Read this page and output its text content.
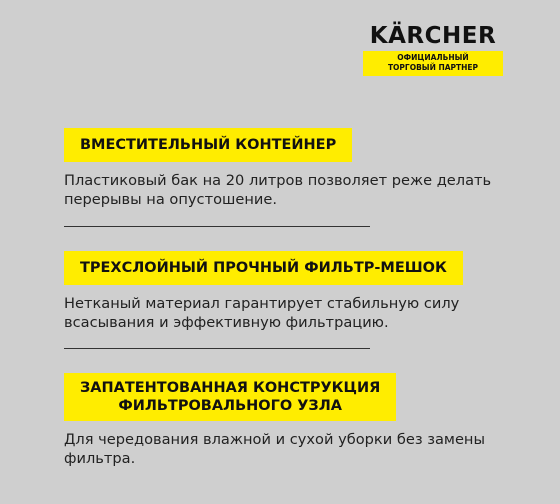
KÄRCHER
ОФИЦИАЛЬНЫЙ
ТОРГОВЫЙ ПАРТНЕР
ВМЕСТИТЕЛЬНЫЙ КОНТЕЙНЕР
Пластиковый бак на 20 литров позволяет реже делать
перерывы на опустошение.
ТРЕХСЛОЙНЫЙ ПРОЧНЫЙ ФИЛЬТР-МЕШОК
Нетканый материал гарантирует стабильную силу
всасывания и эффективную фильтрацию.
ЗАПАТЕНТОВАННАЯ КОНСТРУКЦИЯ
ФИЛЬТРОВАЛЬНОГО УЗЛА
Для чередования влажной и сухой уборки без замены
фильтра.
